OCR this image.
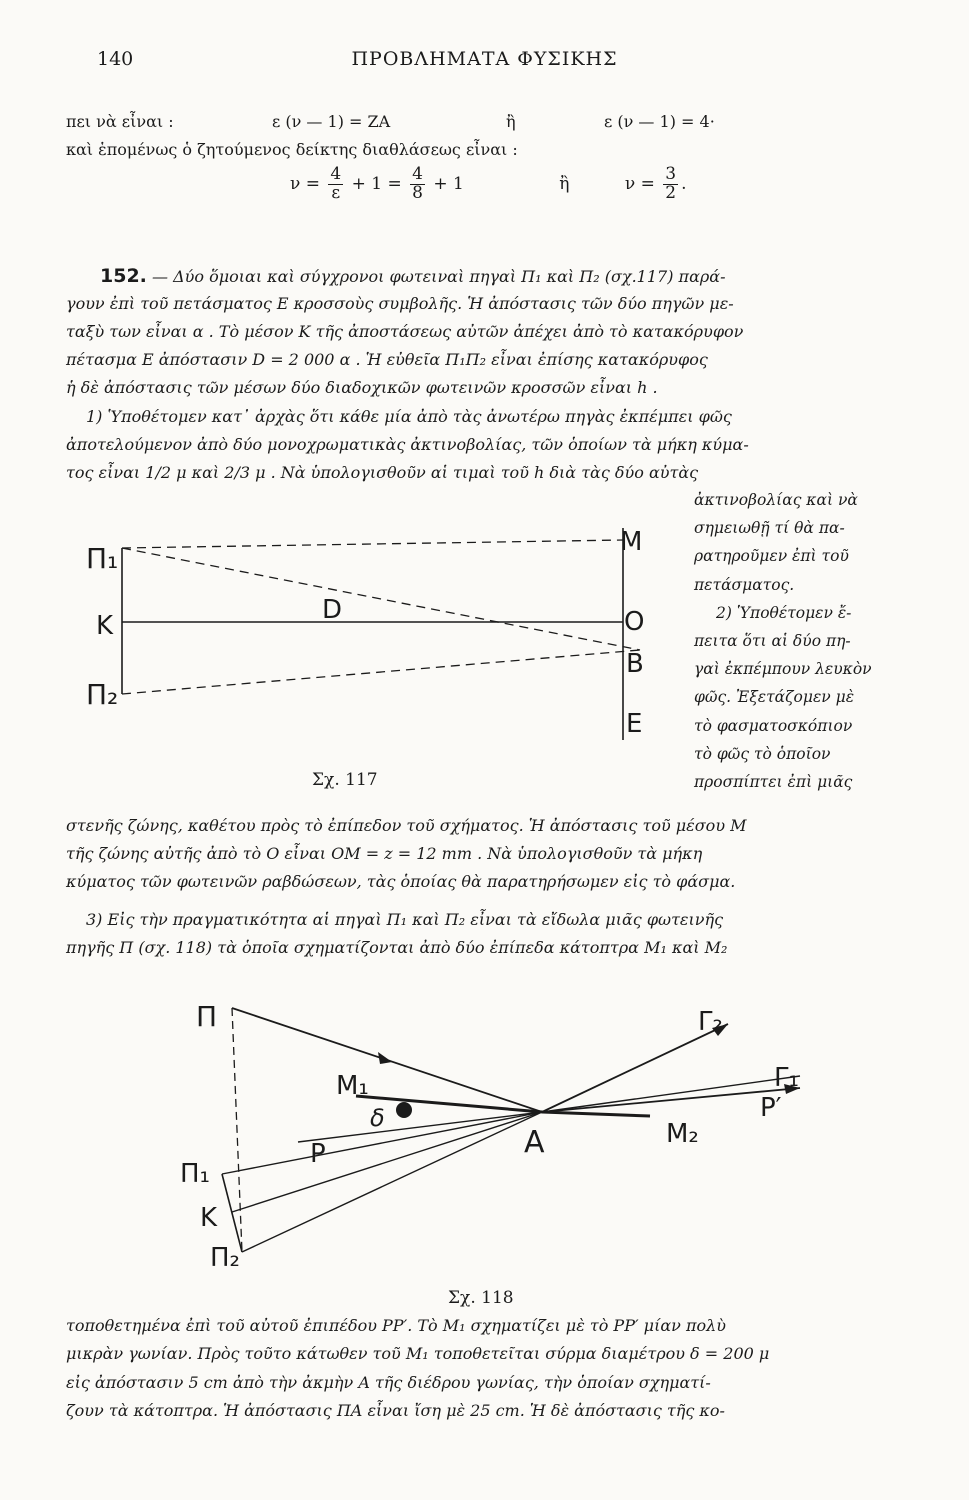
140	ΠΡΟΒΛΗΜΑΤΑ ΦΥΣΙΚΗΣ
πει νὰ εἶναι :	ε (ν — 1) = ΖΑ	ἢ	ε (ν — 1) = 4·
καὶ ἑπομένως ὁ ζητούμενος δείκτης διαθλάσεως εἶναι :
$\nu = \frac{4}{\varepsilon} + 1 = \frac{4}{8} + 1$	ἢ	$\nu = \frac{3}{2}$ .
152. — Δύο ὅμοιαι καὶ σύγχρονοι φωτειναὶ πηγαὶ Π₁ καὶ Π₂ (σχ.117) παρά-
γουν ἐπὶ τοῦ πετάσματος Ε κροσσοὺς συμβολῆς. Ἡ ἀπόστασις τῶν δύο πηγῶν με-
ταξὺ των εἶναι α . Τὸ μέσον Κ τῆς ἀποστάσεως αὐτῶν ἀπέχει ἀπὸ τὸ κατακόρυφον
πέτασμα Ε ἀπόστασιν D = 2 000 α . Ἡ εὐθεῖα Π₁Π₂ εἶναι ἐπίσης κατακόρυφος
ἡ δὲ ἀπόστασις τῶν μέσων δύο διαδοχικῶν φωτεινῶν κροσσῶν εἶναι h .
1) Ὑποθέτομεν κατ᾽ ἀρχὰς ὅτι κάθε μία ἀπὸ τὰς ἀνωτέρω πηγὰς ἐκπέμπει φῶς
ἀποτελούμενον ἀπὸ δύο μονοχρωματικὰς ἀκτινοβολίας, τῶν ὁποίων τὰ μήκη κύμα-
τος εἶναι 1/2 μ καὶ 2/3 μ . Νὰ ὑπολογισθοῦν αἱ τιμαὶ τοῦ h διὰ τὰς δύο αὐτὰς
ἀκτινοβολίας καὶ νὰ
σημειωθῇ τί θὰ πα-
ρατηροῦμεν ἐπὶ τοῦ
πετάσματος.
2) Ὑποθέτομεν ἔ-
πειτα ὅτι αἱ δύο πη-
γαὶ ἐκπέμπουν λευκὸν
φῶς. Ἐξετάζομεν μὲ
τὸ φασματοσκόπιον
τὸ φῶς τὸ ὁποῖον
προσπίπτει ἐπὶ μιᾶς
Π₁
K
Π₂
D
M
O
B
E
Σχ. 117
στενῆς ζώνης, καθέτου πρὸς τὸ ἐπίπεδον τοῦ σχήματος. Ἡ ἀπόστασις τοῦ μέσου Μ
τῆς ζώνης αὐτῆς ἀπὸ τὸ Ο εἶναι ΟΜ = z = 12 mm . Νὰ ὑπολογισθοῦν τὰ μήκη
κύματος τῶν φωτεινῶν ραβδώσεων, τὰς ὁποίας θὰ παρατηρήσωμεν εἰς τὸ φάσμα.
3) Εἰς τὴν πραγματικότητα αἱ πηγαὶ Π₁ καὶ Π₂ εἶναι τὰ εἴδωλα μιᾶς φωτεινῆς
πηγῆς Π (σχ. 118) τὰ ὁποῖα σχηματίζονται ἀπὸ δύο ἐπίπεδα κάτοπτρα Μ₁ καὶ Μ₂
Π
M₁
δ
P	A	M₂
P′
Γ₁
Γ₂
Π₁
K
Π₂
Σχ. 118
τοποθετημένα ἐπὶ τοῦ αὐτοῦ ἐπιπέδου PP′. Τὸ Μ₁ σχηματίζει μὲ τὸ PP′ μίαν πολὺ
μικρὰν γωνίαν. Πρὸς τοῦτο κάτωθεν τοῦ Μ₁ τοποθετεῖται σύρμα διαμέτρου δ = 200 μ
εἰς ἀπόστασιν 5 cm ἀπὸ τὴν ἀκμὴν Α τῆς διέδρου γωνίας, τὴν ὁποίαν σχηματί-
ζουν τὰ κάτοπτρα. Ἡ ἀπόστασις ΠΑ εἶναι ἴση μὲ 25 cm. Ἡ δὲ ἀπόστασις τῆς κο-
